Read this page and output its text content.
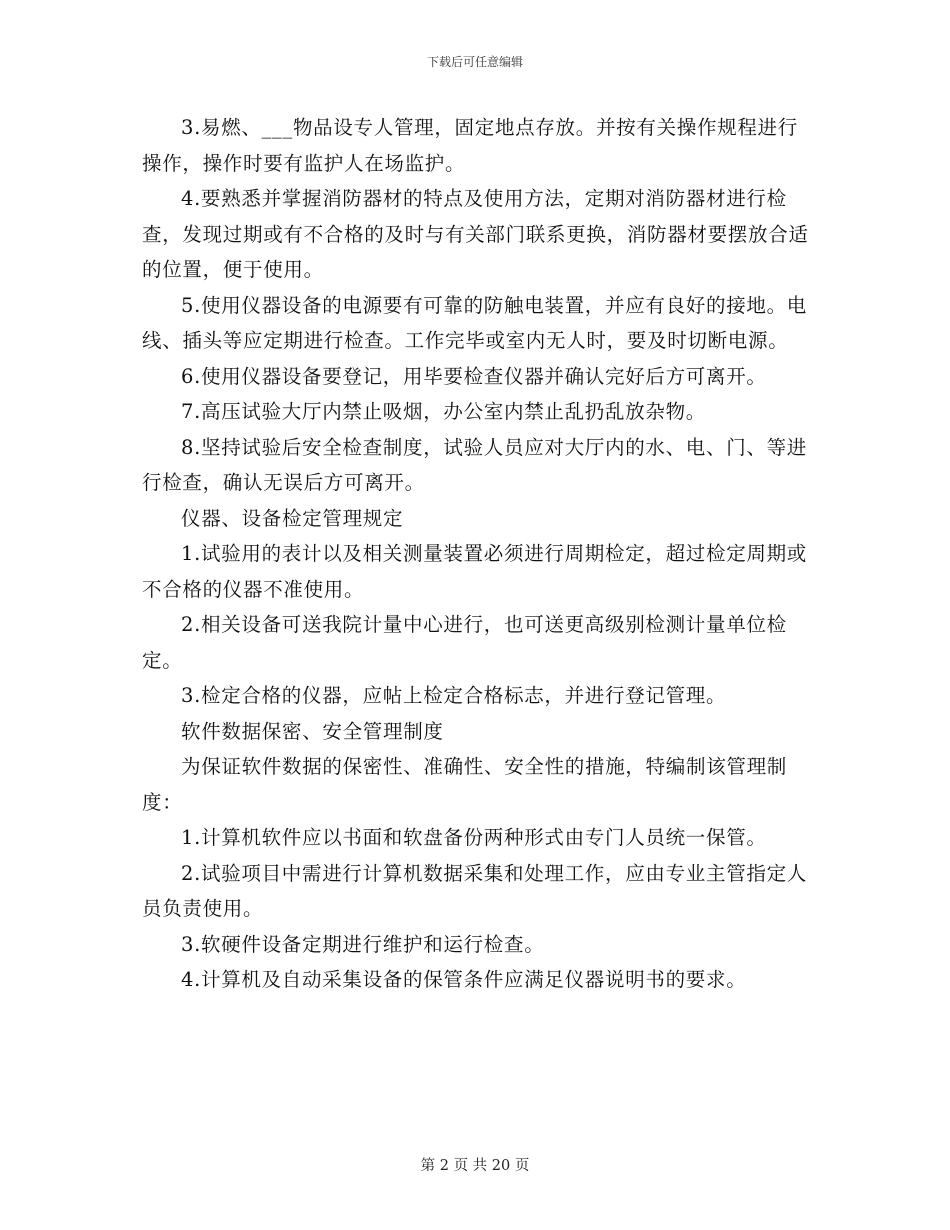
下载后可任意编辑

3.易燃、___物品设专人管理，固定地点存放。并按有关操作规程进行操作，操作时要有监护人在场监护。

4.要熟悉并掌握消防器材的特点及使用方法，定期对消防器材进行检查，发现过期或有不合格的及时与有关部门联系更换，消防器材要摆放合适的位置，便于使用。

5.使用仪器设备的电源要有可靠的防触电装置，并应有良好的接地。电线、插头等应定期进行检查。工作完毕或室内无人时，要及时切断电源。

6.使用仪器设备要登记，用毕要检查仪器并确认完好后方可离开。

7.高压试验大厅内禁止吸烟，办公室内禁止乱扔乱放杂物。

8.坚持试验后安全检查制度，试验人员应对大厅内的水、电、门、等进行检查，确认无误后方可离开。

仪器、设备检定管理规定

1.试验用的表计以及相关测量装置必须进行周期检定，超过检定周期或不合格的仪器不准使用。

2.相关设备可送我院计量中心进行，也可送更高级别检测计量单位检定。

3.检定合格的仪器，应帖上检定合格标志，并进行登记管理。

软件数据保密、安全管理制度

为保证软件数据的保密性、准确性、安全性的措施，特编制该管理制度：

1.计算机软件应以书面和软盘备份两种形式由专门人员统一保管。

2.试验项目中需进行计算机数据采集和处理工作，应由专业主管指定人员负责使用。

3.软硬件设备定期进行维护和运行检查。

4.计算机及自动采集设备的保管条件应满足仪器说明书的要求。

第 2 页 共 20 页
